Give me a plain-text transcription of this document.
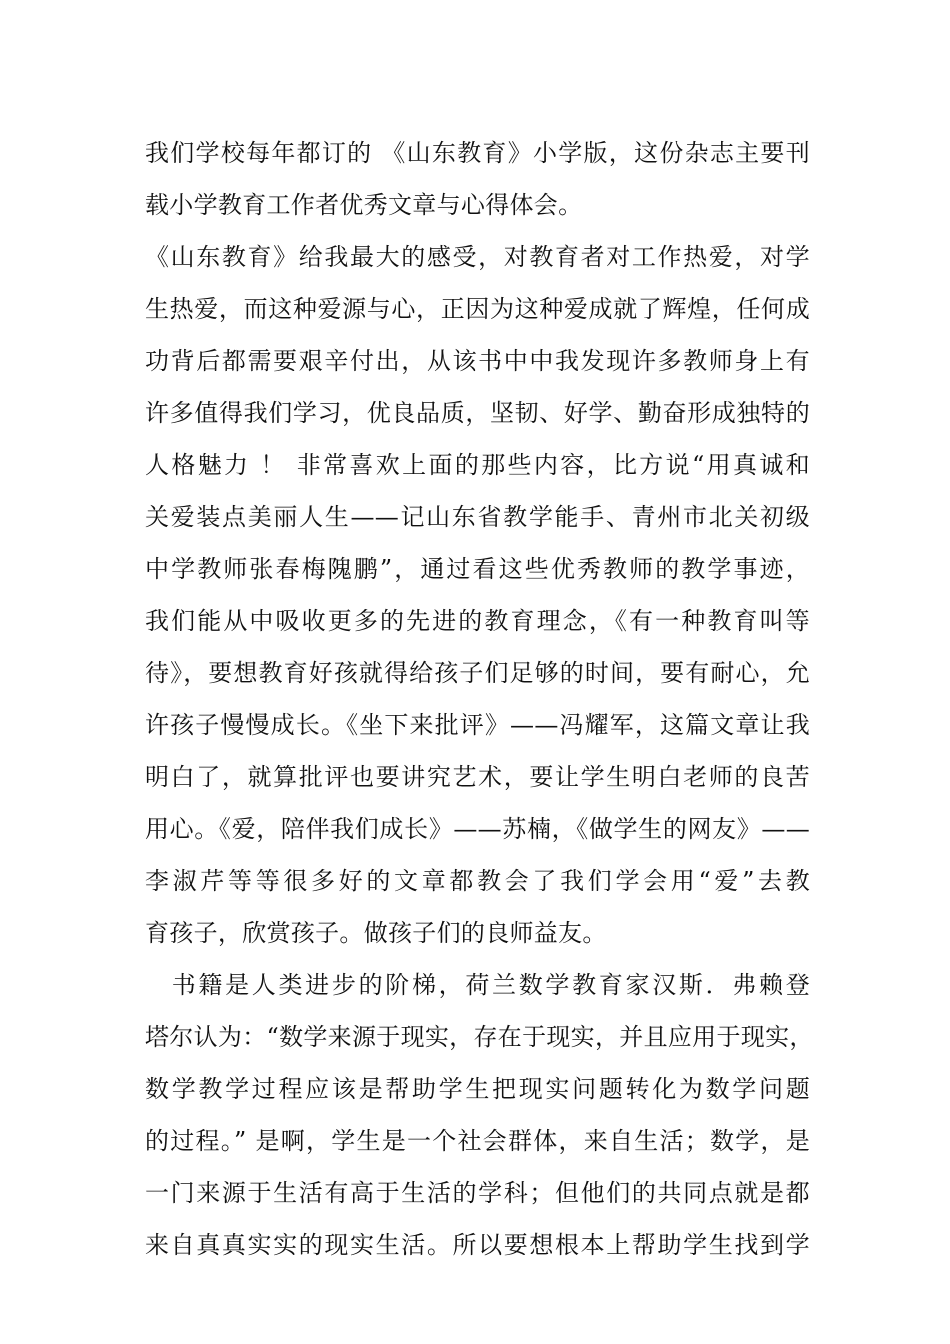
我们学校每年都订的 《山东教育》小学版，这份杂志主要刊
载小学教育工作者优秀文章与心得体会。
《山东教育》给我最大的感受，对教育者对工作热爱，对学
生热爱，而这种爱源与心，正因为这种爱成就了辉煌，任何成
功背后都需要艰辛付出，从该书中中我发现许多教师身上有
许多值得我们学习，优良品质，坚韧、好学、勤奋形成独特的
人格魅力 ！ 非常喜欢上面的那些内容，比方说“用真诚和
关爱装点美丽人生——记山东省教学能手、青州市北关初级
中学教师张春梅隗鹏”，通过看这些优秀教师的教学事迹，
我们能从中吸收更多的先进的教育理念，《有一种教育叫等
待》，要想教育好孩就得给孩子们足够的时间，要有耐心，允
许孩子慢慢成长。《坐下来批评》——冯耀军，这篇文章让我
明白了，就算批评也要讲究艺术，要让学生明白老师的良苦
用心。《爱，陪伴我们成长》——苏楠，《做学生的网友》——
李淑芹等等很多好的文章都教会了我们学会用“爱”去教
育孩子，欣赏孩子。做孩子们的良师益友。
　书籍是人类进步的阶梯，荷兰数学教育家汉斯．弗赖登
塔尔认为：“数学来源于现实，存在于现实，并且应用于现实，
数学教学过程应该是帮助学生把现实问题转化为数学问题
的过程。” 是啊，学生是一个社会群体，来自生活；数学，是
一门来源于生活有高于生活的学科；但他们的共同点就是都
来自真真实实的现实生活。所以要想根本上帮助学生找到学
